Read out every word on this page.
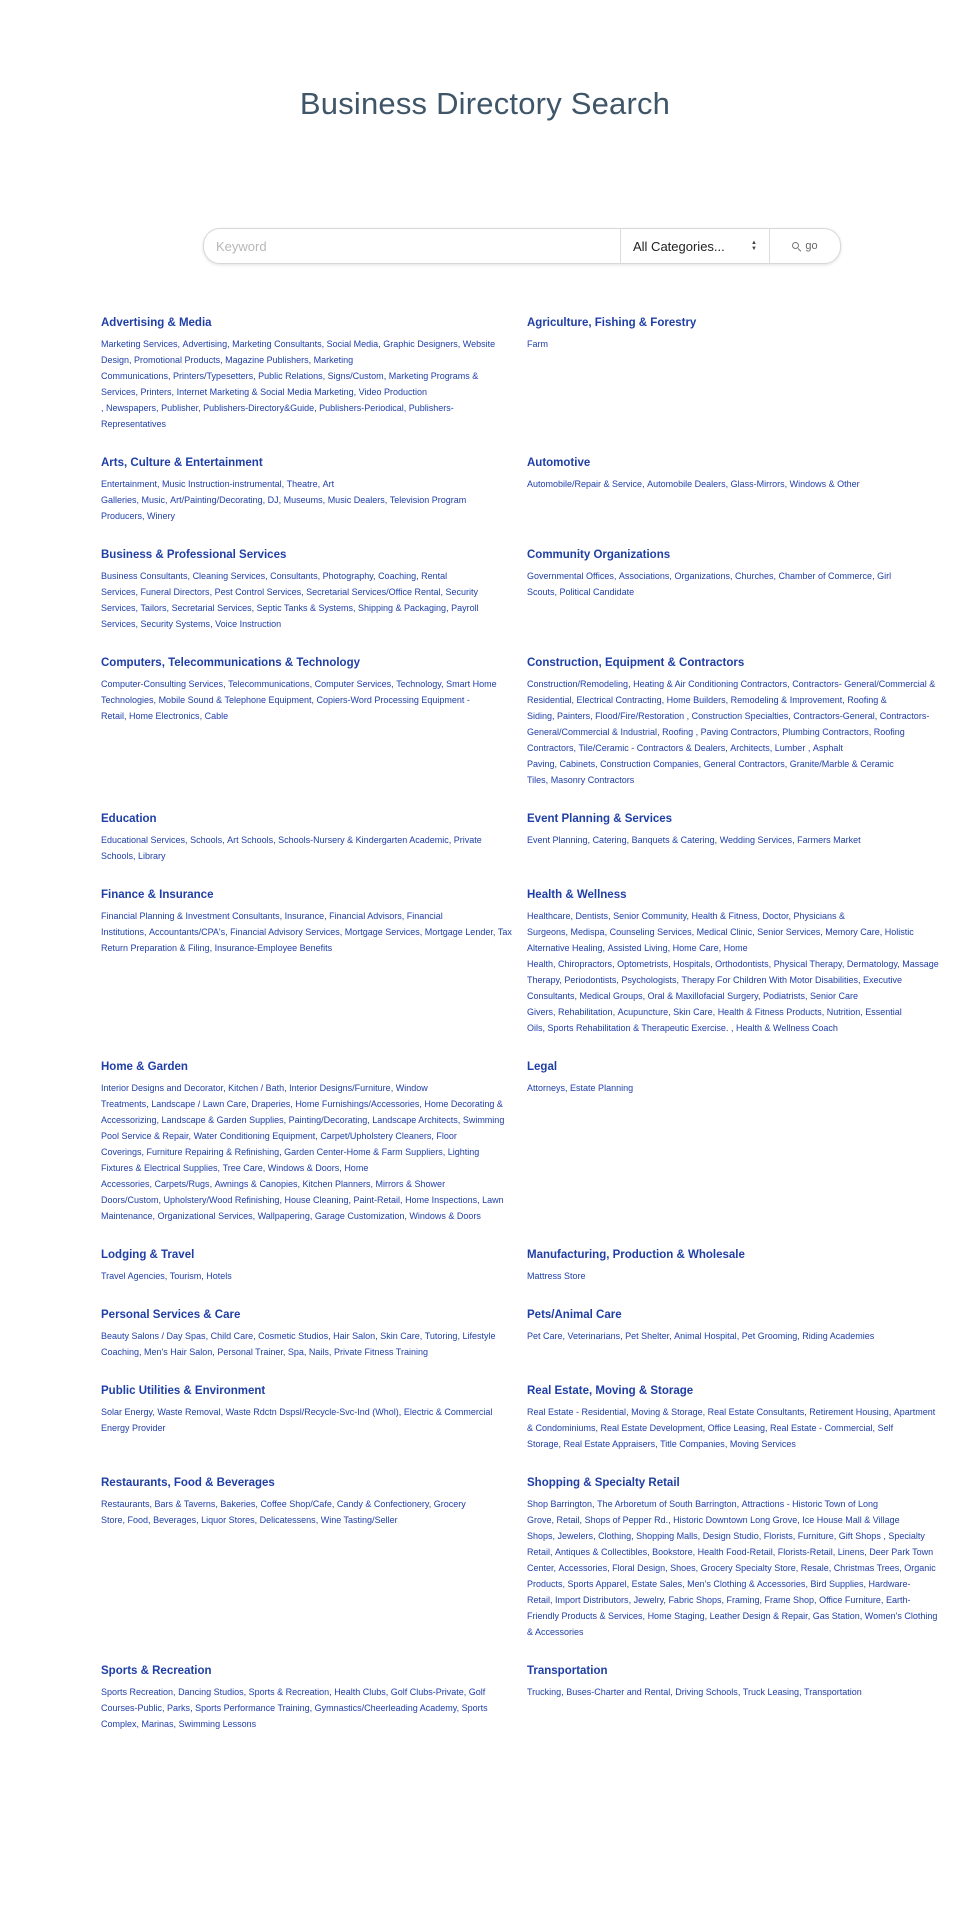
Business Directory Search
Keyword
All Categories...	▲
▼	go
Advertising & Media
Marketing Services , Advertising , Marketing Consultants , Social Media , Graphic Designers , Website Design , Promotional Products , Magazine Publishers , Marketing Communications , Printers/Typesetters , Public Relations , Signs/Custom , Marketing Programs & Services , Printers , Internet Marketing & Social Media Marketing , Video Production , Newspapers , Publisher , Publishers-Directory&Guide , Publishers-Periodical , Publishers-Representatives
Agriculture, Fishing & Forestry
Farm
Arts, Culture & Entertainment
Entertainment , Music Instruction-instrumental , Theatre , Art Galleries , Music , Art/Painting/Decorating , DJ , Museums , Music Dealers , Television Program Producers , Winery
Automotive
Automobile/Repair & Service , Automobile Dealers , Glass-Mirrors , Windows & Other
Business & Professional Services
Business Consultants , Cleaning Services , Consultants , Photography , Coaching , Rental Services , Funeral Directors , Pest Control Services , Secretarial Services/Office Rental , Security Services , Tailors , Secretarial Services , Septic Tanks & Systems , Shipping & Packaging , Payroll Services , Security Systems , Voice Instruction
Community Organizations
Governmental Offices , Associations , Organizations , Churches , Chamber of Commerce , Girl Scouts , Political Candidate
Computers, Telecommunications & Technology
Computer-Consulting Services , Telecommunications , Computer Services , Technology , Smart Home Technologies , Mobile Sound & Telephone Equipment , Copiers-Word Processing Equipment - Retail , Home Electronics , Cable
Construction, Equipment & Contractors
Construction/Remodeling , Heating & Air Conditioning Contractors , Contractors- General/Commercial & Residential , Electrical Contracting , Home Builders , Remodeling & Improvement , Roofing & Siding , Painters , Flood/Fire/Restoration , Construction Specialties , Contractors-General , Contractors-General/Commercial & Industrial , Roofing , Paving Contractors , Plumbing Contractors , Roofing Contractors , Tile/Ceramic - Contractors & Dealers , Architects , Lumber , Asphalt Paving , Cabinets , Construction Companies , General Contractors , Granite/Marble & Ceramic Tiles , Masonry Contractors
Education
Educational Services , Schools , Art Schools , Schools-Nursery & Kindergarten Academic , Private Schools , Library
Event Planning & Services
Event Planning , Catering , Banquets & Catering , Wedding Services , Farmers Market
Finance & Insurance
Financial Planning & Investment Consultants , Insurance , Financial Advisors , Financial Institutions , Accountants/CPA's , Financial Advisory Services , Mortgage Services , Mortgage Lender , Tax Return Preparation & Filing , Insurance-Employee Benefits
Health & Wellness
Healthcare , Dentists , Senior Community , Health & Fitness , Doctor , Physicians & Surgeons , Medispa , Counseling Services , Medical Clinic , Senior Services , Memory Care , Holistic Alternative Healing , Assisted Living , Home Care , Home Health , Chiropractors , Optometrists , Hospitals , Orthodontists , Physical Therapy , Dermatology , Massage Therapy , Periodontists , Psychologists , Therapy For Children With Motor Disabilities , Executive Consultants , Medical Groups , Oral & Maxillofacial Surgery , Podiatrists , Senior Care Givers , Rehabilitation , Acupuncture , Skin Care , Health & Fitness Products , Nutrition , Essential Oils , Sports Rehabilitation & Therapeutic Exercise. , Health & Wellness Coach
Home & Garden
Interior Designs and Decorator , Kitchen / Bath , Interior Designs/Furniture , Window Treatments , Landscape / Lawn Care , Draperies , Home Furnishings/Accessories , Home Decorating & Accessorizing , Landscape & Garden Supplies , Painting/Decorating , Landscape Architects , Swimming Pool Service & Repair , Water Conditioning Equipment , Carpet/Upholstery Cleaners , Floor Coverings , Furniture Repairing & Refinishing , Garden Center-Home & Farm Suppliers , Lighting Fixtures & Electrical Supplies , Tree Care , Windows & Doors , Home Accessories , Carpets/Rugs , Awnings & Canopies , Kitchen Planners , Mirrors & Shower Doors/Custom , Upholstery/Wood Refinishing , House Cleaning , Paint-Retail , Home Inspections , Lawn Maintenance , Organizational Services , Wallpapering , Garage Customization , Windows & Doors
Legal
Attorneys , Estate Planning
Lodging & Travel
Travel Agencies , Tourism , Hotels
Manufacturing, Production & Wholesale
Mattress Store
Personal Services & Care
Beauty Salons / Day Spas , Child Care , Cosmetic Studios , Hair Salon , Skin Care , Tutoring , Lifestyle Coaching , Men's Hair Salon , Personal Trainer , Spa , Nails , Private Fitness Training
Pets/Animal Care
Pet Care , Veterinarians , Pet Shelter , Animal Hospital , Pet Grooming , Riding Academies
Public Utilities & Environment
Solar Energy , Waste Removal , Waste Rdctn Dspsl/Recycle-Svc-Ind (Whol) , Electric & Commercial Energy Provider
Real Estate, Moving & Storage
Real Estate - Residential , Moving & Storage , Real Estate Consultants , Retirement Housing , Apartment & Condominiums , Real Estate Development , Office Leasing , Real Estate - Commercial , Self Storage , Real Estate Appraisers , Title Companies , Moving Services
Restaurants, Food & Beverages
Restaurants, Bars & Taverns , Bakeries , Coffee Shop/Cafe , Candy & Confectionery , Grocery Store , Food , Beverages , Liquor Stores , Delicatessens , Wine Tasting/Seller
Shopping & Specialty Retail
Shop Barrington , The Arboretum of South Barrington , Attractions - Historic Town of Long Grove , Retail , Shops of Pepper Rd. , Historic Downtown Long Grove , Ice House Mall & Village Shops , Jewelers , Clothing , Shopping Malls , Design Studio , Florists , Furniture , Gift Shops , Specialty Retail , Antiques & Collectibles , Bookstore , Health Food-Retail , Florists-Retail , Linens , Deer Park Town Center , Accessories , Floral Design , Shoes , Grocery Specialty Store , Resale , Christmas Trees , Organic Products , Sports Apparel , Estate Sales , Men's Clothing & Accessories , Bird Supplies , Hardware-Retail , Import Distributors , Jewelry , Fabric Shops , Framing , Frame Shop , Office Furniture , Earth-Friendly Products & Services , Home Staging , Leather Design & Repair , Gas Station , Women's Clothing & Accessories
Sports & Recreation
Sports Recreation , Dancing Studios , Sports & Recreation , Health Clubs , Golf Clubs-Private , Golf Courses-Public , Parks , Sports Performance Training , Gymnastics/Cheerleading Academy , Sports Complex , Marinas , Swimming Lessons
Transportation
Trucking , Buses-Charter and Rental , Driving Schools , Truck Leasing , Transportation
